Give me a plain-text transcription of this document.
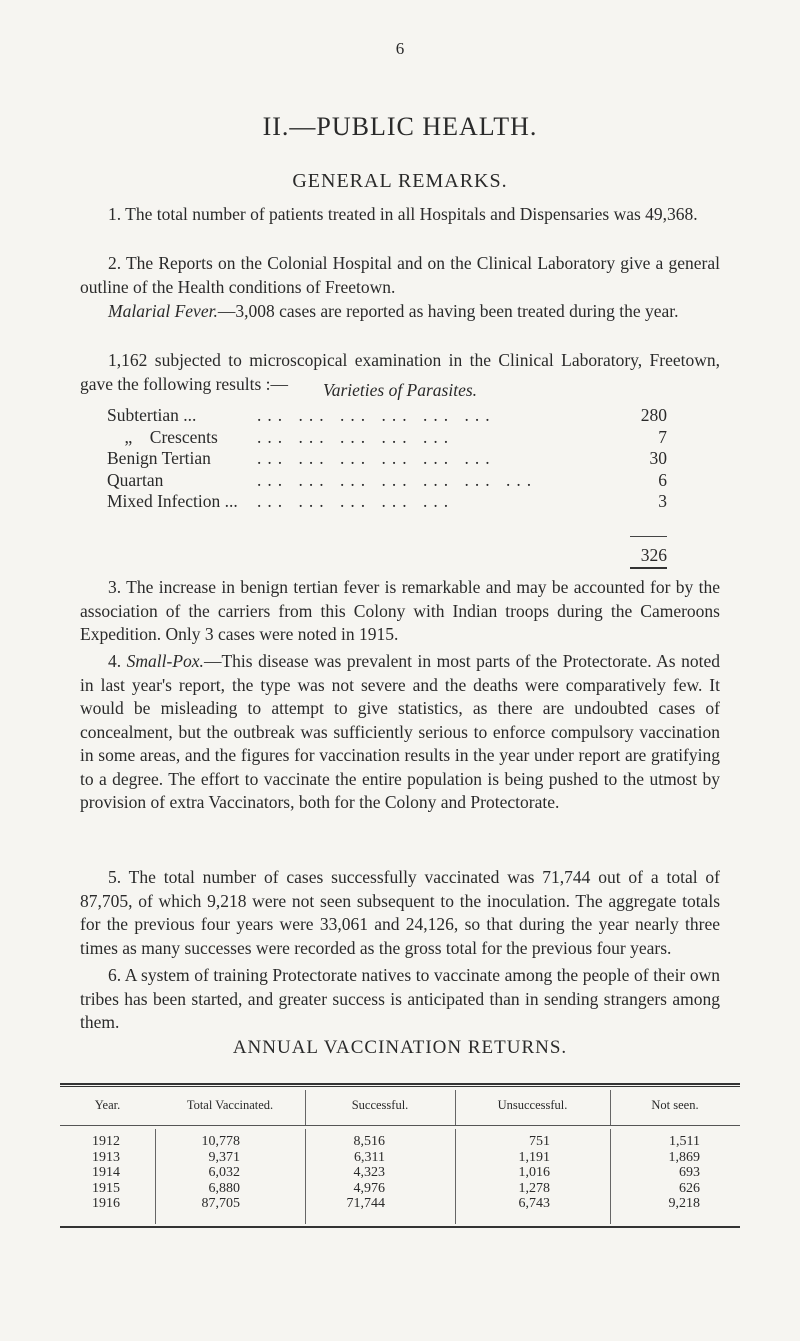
6
II.—PUBLIC HEALTH.
GENERAL REMARKS.

1. The total number of patients treated in all Hospitals and Dispensaries was 49,368.

2. The Reports on the Colonial Hospital and on the Clinical Laboratory give a general outline of the Health conditions of Freetown.

Malarial Fever.—3,008 cases are reported as having been treated during the year.

1,162 subjected to microscopical examination in the Clinical Laboratory, Freetown, gave the following results :—	Varieties of Parasites.
Subtertian ...	... ... ... ... ... ...	280
„    Crescents ... ... ... ... ...	7
Benign Tertian	... ... ... ... ... ...	30
Quartan	... ... ... ... ... ... ...	6
Mixed Infection ... ... ... ... ... ...	3
326

3. The increase in benign tertian fever is remarkable and may be accounted for by the association of the carriers from this Colony with Indian troops during the Cameroons Expedition. Only 3 cases were noted in 1915.

4. Small-Pox.—This disease was prevalent in most parts of the Protectorate. As noted in last year's report, the type was not severe and the deaths were comparatively few. It would be misleading to attempt to give statistics, as there are undoubted cases of concealment, but the outbreak was sufficiently serious to enforce compulsory vaccination in some areas, and the figures for vaccination results in the year under report are gratifying to a degree. The effort to vaccinate the entire population is being pushed to the utmost by provision of extra Vaccinators, both for the Colony and Protectorate.

5. The total number of cases successfully vaccinated was 71,744 out of a total of 87,705, of which 9,218 were not seen subsequent to the inoculation. The aggregate totals for the previous four years were 33,061 and 24,126, so that during the year nearly three times as many successes were recorded as the gross total for the previous four years.

6. A system of training Protectorate natives to vaccinate among the people of their own tribes has been started, and greater success is anticipated than in sending strangers among them.

ANNUAL VACCINATION RETURNS.
Year.	Total Vaccinated.	Successful.	Unsuccessful.	Not seen.
1912	10,778	8,516	751	1,511
1913	9,371	6,311	1,191	1,869
1914	6,032	4,323	1,016	693
1915	6,880	4,976	1,278	626
1916	87,705	71,744	6,743	9,218
